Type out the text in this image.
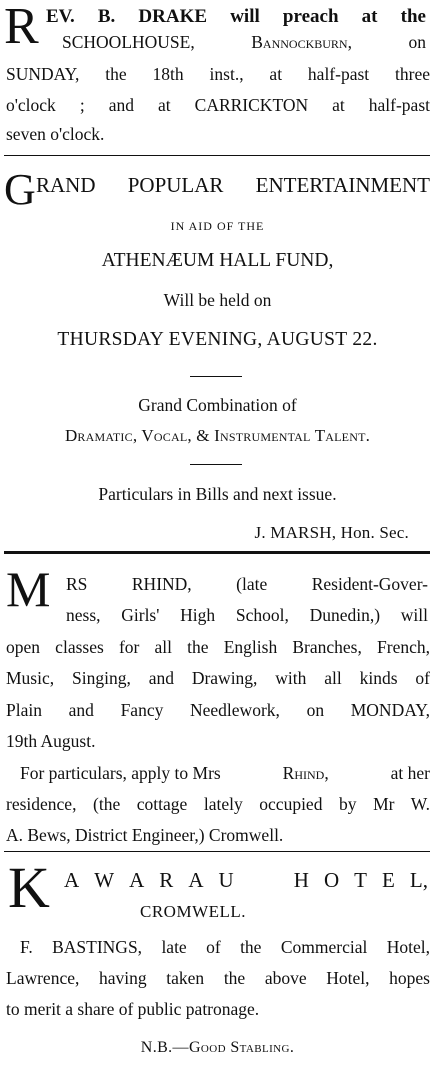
R EV. B. DRAKE will preach at the
SCHOOLHOUSE,	Bannockburn,	on
SUNDAY, the 18th inst., at half-past three
o'clock ; and at CARRICKTON at half-past
seven o'clock.
G RAND POPULAR ENTERTAINMENT
IN AID OF THE
ATHENÆUM HALL FUND,
Will be held on
THURSDAY EVENING, AUGUST 22.
Grand Combination of
Dramatic, Vocal, & Instrumental Talent.
Particulars in Bills and next issue.
J. MARSH, Hon. Sec.
M RS RHIND, (late Resident-Gover-
ness, Girls' High School, Dunedin,) will
open classes for all the English Branches, French,
Music, Singing, and Drawing, with all kinds of
Plain and Fancy Needlework, on MONDAY,
19th August.
For particulars, apply to Mrs	Rhind,	at her
residence, (the cottage lately occupied by Mr W.
A. Bews, District Engineer,) Cromwell.
K A W A R A U	H O T E L,
CROMWELL.
F. BASTINGS, late of the Commercial Hotel,
Lawrence, having taken the above Hotel, hopes
to merit a share of public patronage.
N.B.—Good Stabling.
